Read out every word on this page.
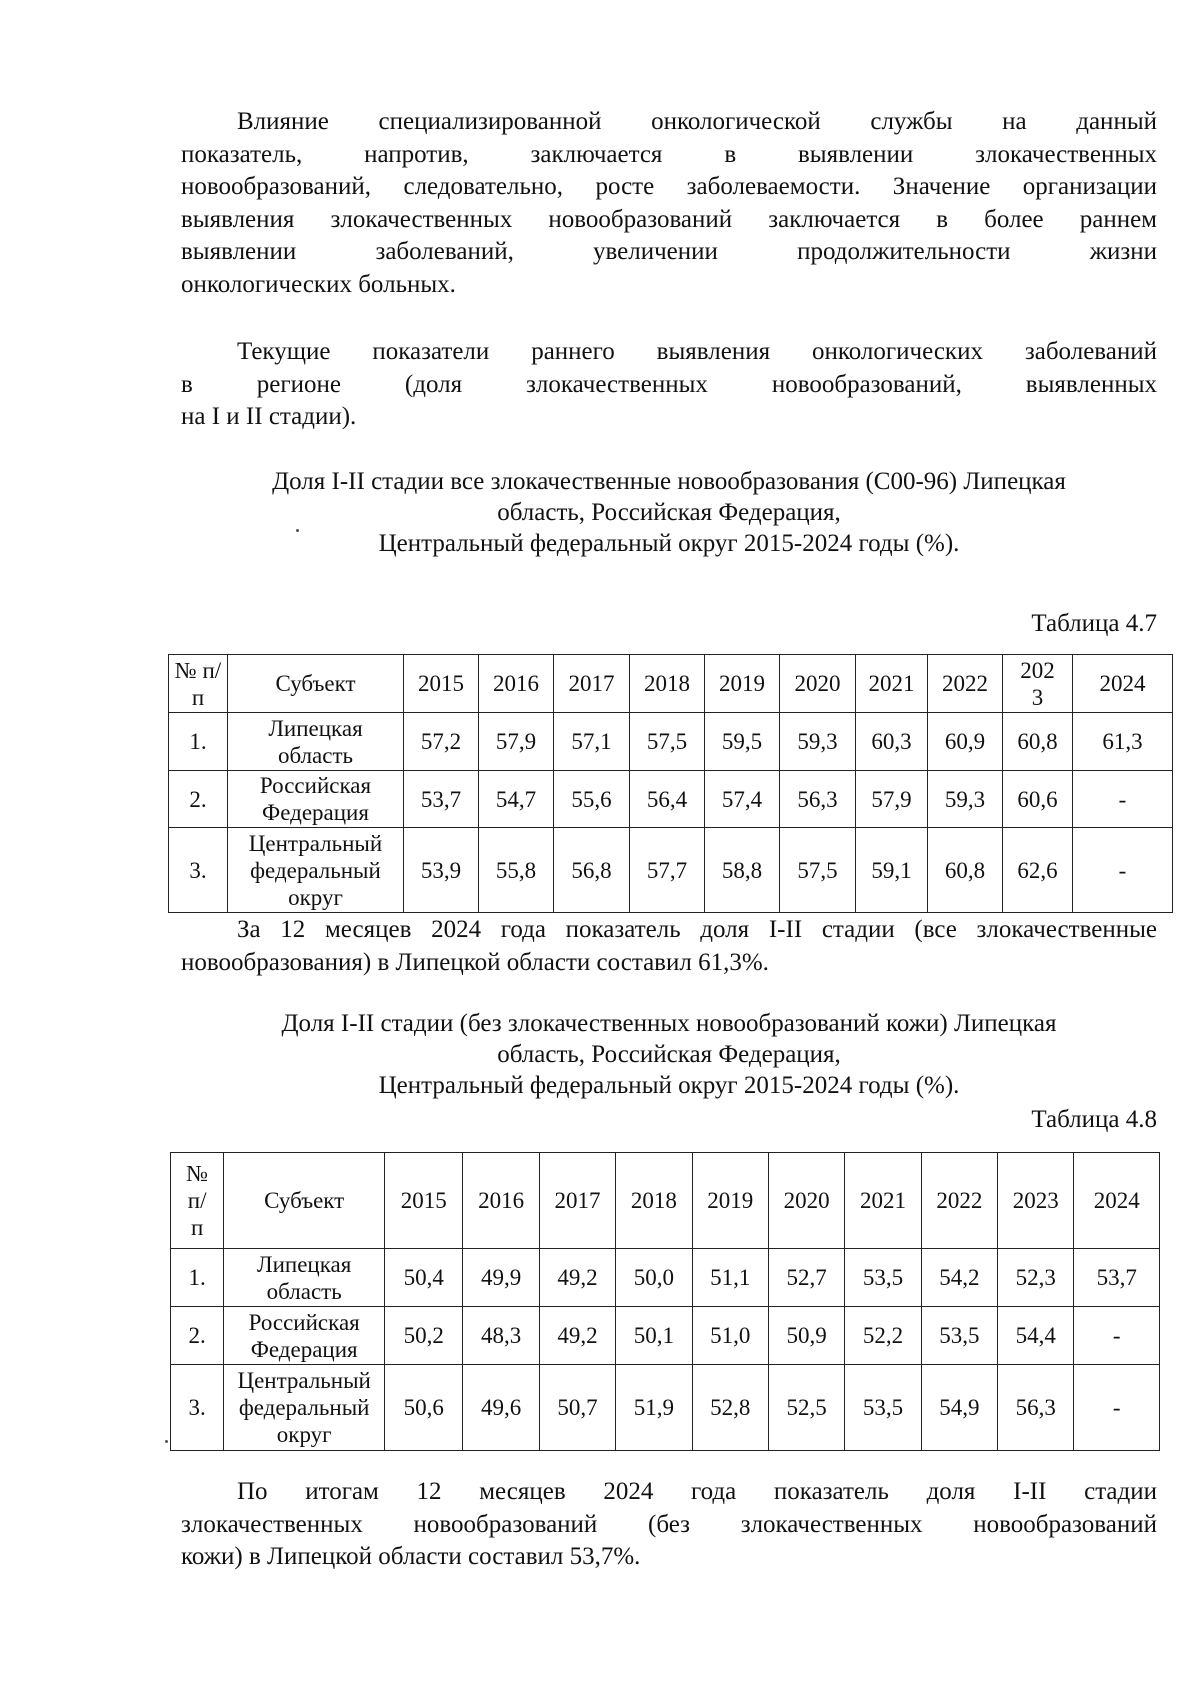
Влияние специализированной онкологической службы на данный
показатель, напротив, заключается в выявлении злокачественных
новообразований, следовательно, росте заболеваемости. Значение организации
выявления злокачественных новообразований заключается в более раннем
выявлении заболеваний, увеличении продолжительности жизни
онкологических больных.
Текущие показатели раннего выявления онкологических заболеваний
в регионе (доля злокачественных новообразований, выявленных
на I и II стадии).
Доля I-II стадии все злокачественные новообразования (С00-96) Липецкая
область, Российская Федерация,
Центральный федеральный округ 2015-2024 годы (%).
Таблица 4.7
№ п/п	Субъект	2015	2016	2017	2018	2019	2020	2021	2022	202 3	2024
1.	Липецкая область	57,2	57,9	57,1	57,5	59,5	59,3	60,3	60,9	60,8	61,3
2.	Российская Федерация	53,7	54,7	55,6	56,4	57,4	56,3	57,9	59,3	60,6	-
3.	Центральный федеральный округ	53,9	55,8	56,8	57,7	58,8	57,5	59,1	60,8	62,6	-
За 12 месяцев 2024 года показатель доля I-II стадии (все злокачественные
новообразования) в Липецкой области составил 61,3%.
Доля I-II стадии (без злокачественных новообразований кожи) Липецкая
область, Российская Федерация,
Центральный федеральный округ 2015-2024 годы (%).
Таблица 4.8
№ п/ п	Субъект	2015	2016	2017	2018	2019	2020	2021	2022	2023	2024
1.	Липецкая область	50,4	49,9	49,2	50,0	51,1	52,7	53,5	54,2	52,3	53,7
2.	Российская Федерация	50,2	48,3	49,2	50,1	51,0	50,9	52,2	53,5	54,4	-
3.	Центральный федеральный округ	50,6	49,6	50,7	51,9	52,8	52,5	53,5	54,9	56,3	-
По итогам 12 месяцев 2024 года показатель доля I-II стадии
злокачественных новообразований (без злокачественных новообразований
кожи) в Липецкой области составил 53,7%.
